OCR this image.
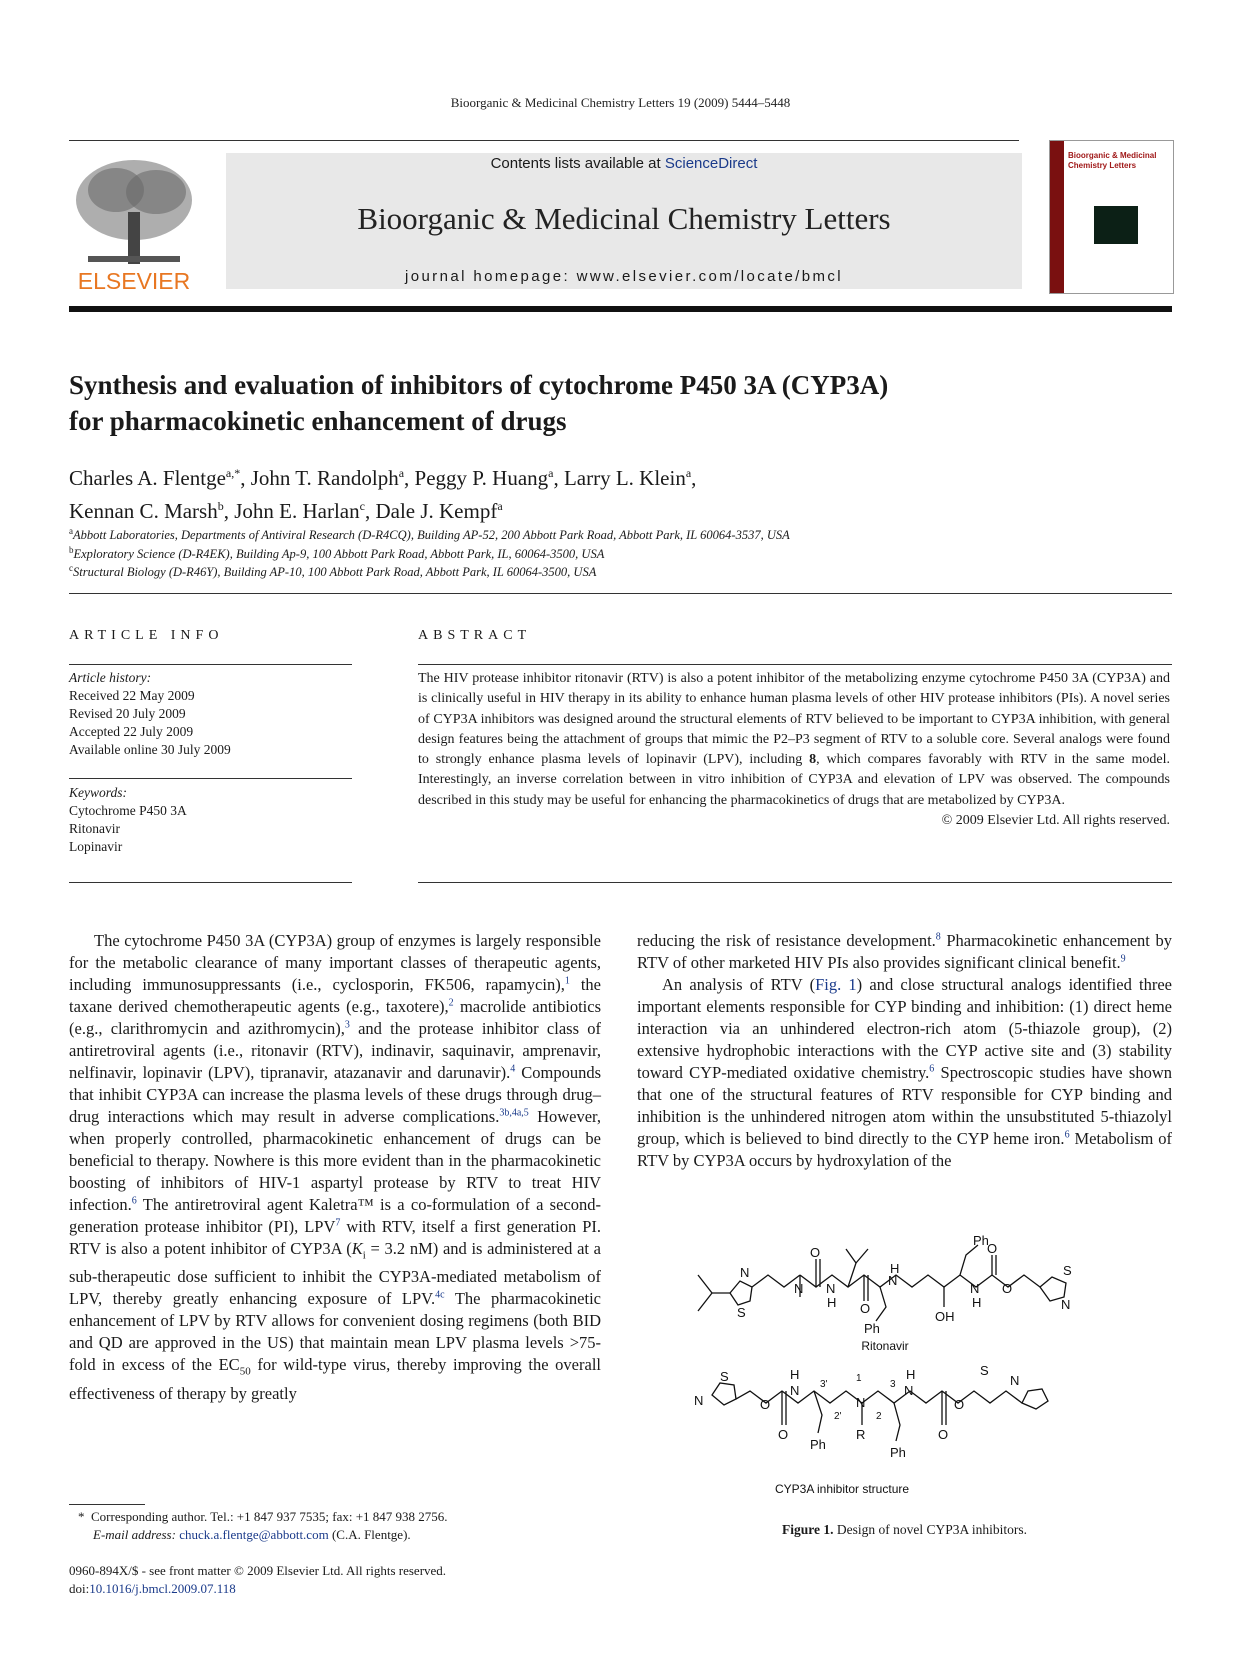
Bioorganic & Medicinal Chemistry Letters 19 (2009) 5444–5448
ELSEVIER
Contents lists available at ScienceDirect
Bioorganic & Medicinal Chemistry Letters
journal homepage: www.elsevier.com/locate/bmcl
Bioorganic & Medicinal Chemistry Letters
Synthesis and evaluation of inhibitors of cytochrome P450 3A (CYP3A)
for pharmacokinetic enhancement of drugs
Charles A. Flentge$^{a,*}$, John T. Randolph$^a$, Peggy P. Huang$^a$, Larry L. Klein$^a$,
Kennan C. Marsh$^b$, John E. Harlan$^c$, Dale J. Kempf$^a$
$^a$Abbott Laboratories, Departments of Antiviral Research (D-R4CQ), Building AP-52, 200 Abbott Park Road, Abbott Park, IL 60064-3537, USA
$^b$Exploratory Science (D-R4EK), Building Ap-9, 100 Abbott Park Road, Abbott Park, IL, 60064-3500, USA
$^c$Structural Biology (D-R46Y), Building AP-10, 100 Abbott Park Road, Abbott Park, IL 60064-3500, USA
ARTICLE INFO
Article history:
Received 22 May 2009
Revised 20 July 2009
Accepted 22 July 2009
Available online 30 July 2009
Keywords:
Cytochrome P450 3A
Ritonavir
Lopinavir
ABSTRACT
The HIV protease inhibitor ritonavir (RTV) is also a potent inhibitor of the metabolizing enzyme cytochrome P450 3A (CYP3A) and is clinically useful in HIV therapy in its ability to enhance human plasma levels of other HIV protease inhibitors (PIs). A novel series of CYP3A inhibitors was designed around the structural elements of RTV believed to be important to CYP3A inhibition, with general design features being the attachment of groups that mimic the P2–P3 segment of RTV to a soluble core. Several analogs were found to strongly enhance plasma levels of lopinavir (LPV), including 8, which compares favorably with RTV in the same model. Interestingly, an inverse correlation between in vitro inhibition of CYP3A and elevation of LPV was observed. The compounds described in this study may be useful for enhancing the pharmacokinetics of drugs that are metabolized by CYP3A.
© 2009 Elsevier Ltd. All rights reserved.

The cytochrome P450 3A (CYP3A) group of enzymes is largely responsible for the metabolic clearance of many important classes of therapeutic agents, including immunosuppressants (i.e., cyclosporin, FK506, rapamycin),$^1$ the taxane derived chemotherapeutic agents (e.g., taxotere),$^2$ macrolide antibiotics (e.g., clarithromycin and azithromycin),$^3$ and the protease inhibitor class of antiretroviral agents (i.e., ritonavir (RTV), indinavir, saquinavir, amprenavir, nelfinavir, lopinavir (LPV), tipranavir, atazanavir and darunavir).$^4$ Compounds that inhibit CYP3A can increase the plasma levels of these drugs through drug–drug interactions which may result in adverse complications.$^{3b,4a,5}$ However, when properly controlled, pharmacokinetic enhancement of drugs can be beneficial to therapy. Nowhere is this more evident than in the pharmacokinetic boosting of inhibitors of HIV-1 aspartyl protease by RTV to treat HIV infection.$^6$ The antiretroviral agent Kaletra™ is a co-formulation of a second-generation protease inhibitor (PI), LPV$^7$ with RTV, itself a first generation PI. RTV is also a potent inhibitor of CYP3A ($K_i = 3.2$ nM) and is administered at a sub-therapeutic dose sufficient to inhibit the CYP3A-mediated metabolism of LPV, thereby greatly enhancing exposure of LPV.$^{4c}$ The pharmacokinetic enhancement of LPV by RTV allows for convenient dosing regimens (both BID and QD are approved in the US) that maintain mean LPV plasma levels >75-fold in excess of the $EC_{50}$ for wild-type virus, thereby improving the overall effectiveness of therapy by greatly

reducing the risk of resistance development.$^8$ Pharmacokinetic enhancement by RTV of other marketed HIV PIs also provides significant clinical benefit.$^9$

An analysis of RTV (Fig. 1) and close structural analogs identified three important elements responsible for CYP binding and inhibition: (1) direct heme interaction via an unhindered electron-rich atom (5-thiazole group), (2) extensive hydrophobic interactions with the CYP active site and (3) stability toward CYP-mediated oxidative chemistry.$^6$ Spectroscopic studies have shown that one of the structural features of RTV responsible for CYP binding and inhibition is the unhindered nitrogen atom within the unsubstituted 5-thiazolyl group, which is believed to bind directly to the CYP heme iron.$^6$ Metabolism of RTV by CYP3A occurs by hydroxylation of the

S
N
N
O
N
H O
H
N
Ph
OH
Ph
N
H
O
O
S
N
Ritonavir
N
S
O
H
N
O
Ph
3'
2'
1
N
R
2
3
Ph
H
N
O
O
S
N
CYP3A inhibitor structure
Figure 1. Design of novel CYP3A inhibitors.
* Corresponding author. Tel.: +1 847 937 7535; fax: +1 847 938 2756.
E-mail address: chuck.a.flentge@abbott.com (C.A. Flentge).
0960-894X/$ - see front matter © 2009 Elsevier Ltd. All rights reserved.
doi:10.1016/j.bmcl.2009.07.118
